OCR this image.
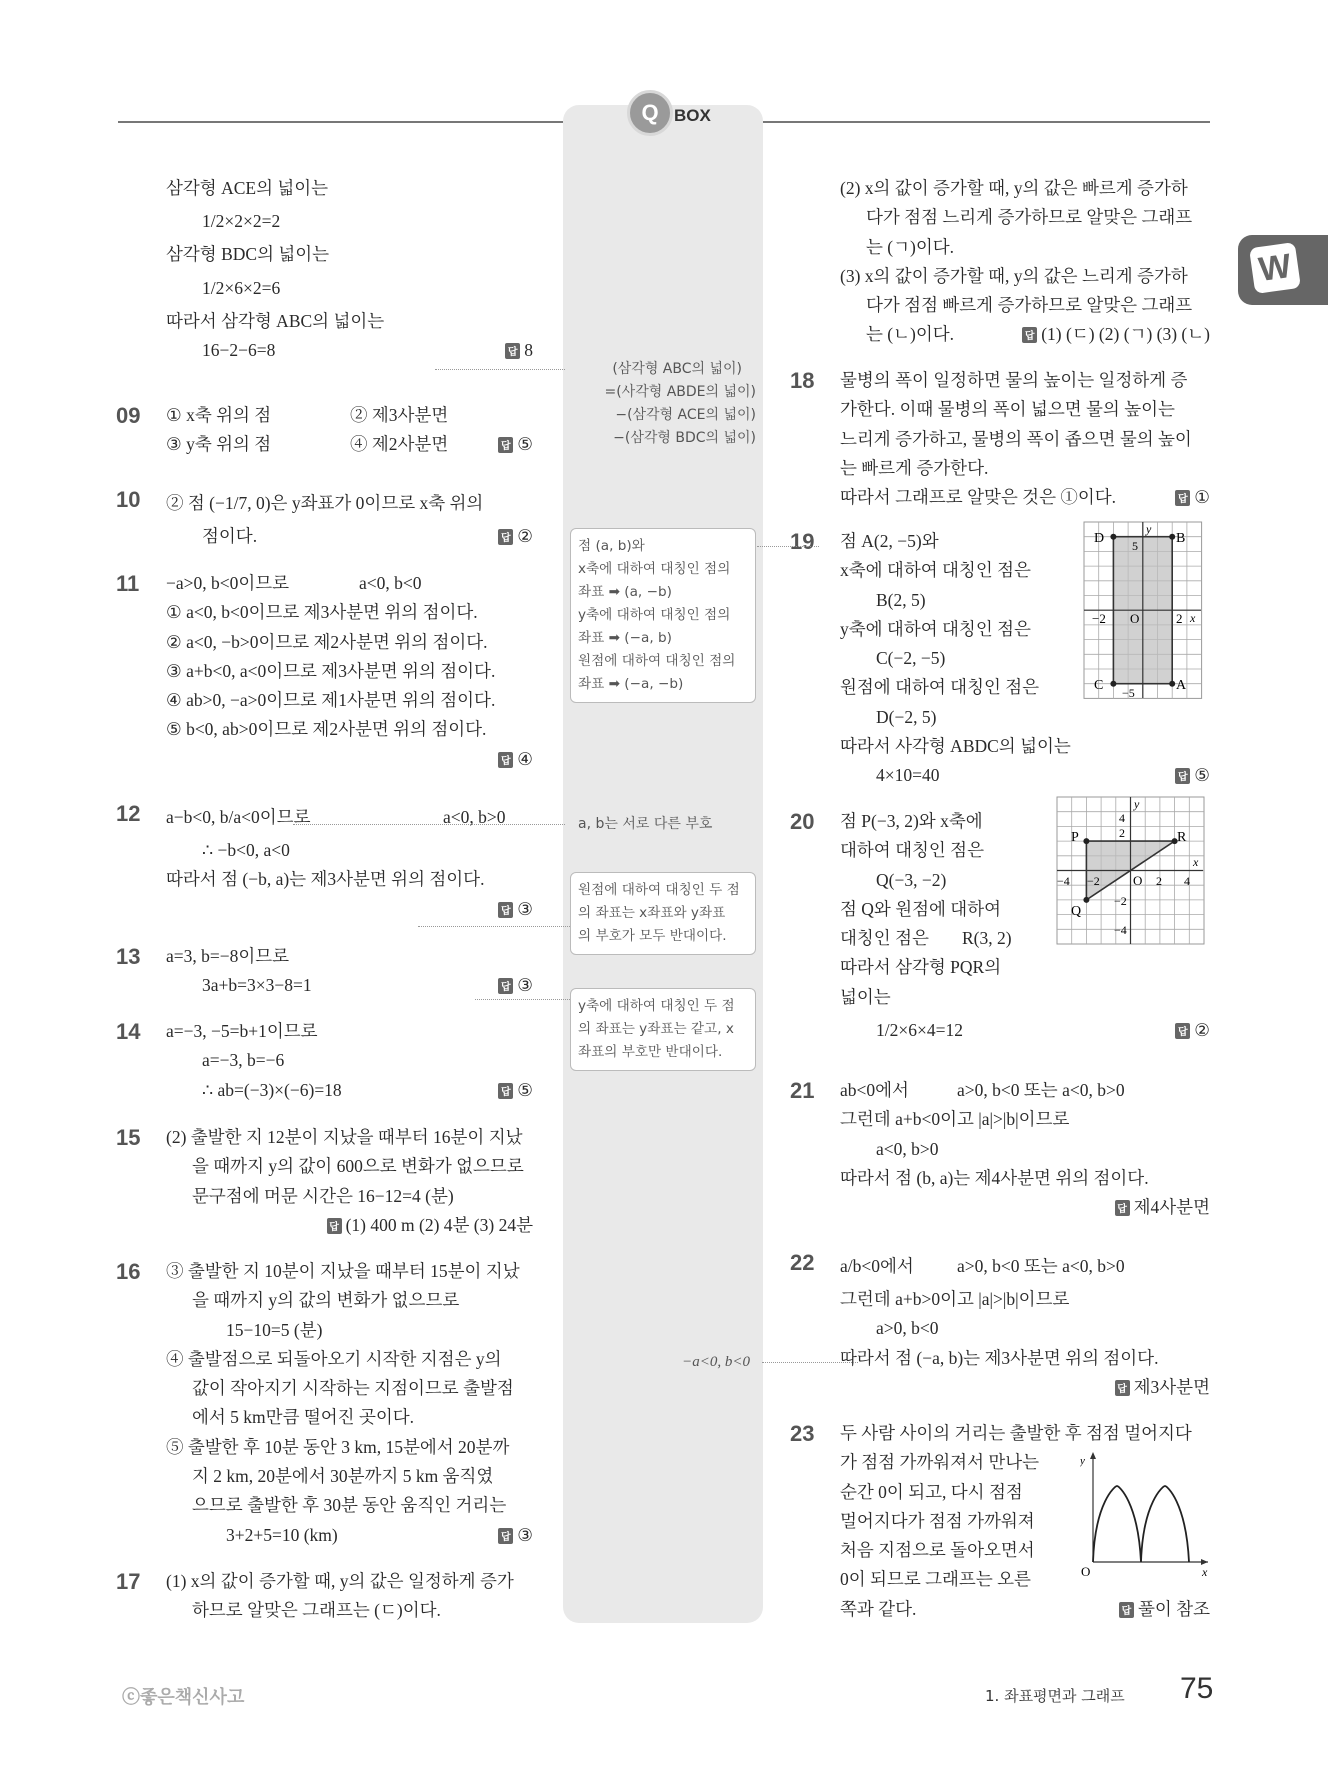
Q BOX
W
삼각형 ACE의 넓이는
1/2×2×2=2
삼각형 BDC의 넓이는
1/2×6×2=6
따라서 삼각형 ABC의 넓이는
16−2−6=8	답 8
09 ① x축 위의 점	② 제3사분면
③ y축 위의 점	④ 제2사분면	답 ⑤
10 ② 점 (−1/7, 0)은 y좌표가 0이므로 x축 위의
점이다.	답 ②
11 −a>0, b<0이므로	a<0, b<0
① a<0, b<0이므로 제3사분면 위의 점이다.
② a<0, −b>0이므로 제2사분면 위의 점이다.
③ a+b<0, a<0이므로 제3사분면 위의 점이다.
④ ab>0, −a>0이므로 제1사분면 위의 점이다.
⑤ b<0, ab>0이므로 제2사분면 위의 점이다.
답 ④
12 a−b<0, b/a<0이므로	a<0, b>0
∴ −b<0, a<0
따라서 점 (−b, a)는 제3사분면 위의 점이다.
답 ③
13 a=3, b=−8이므로
3a+b=3×3−8=1	답 ③
14 a=−3, −5=b+1이므로
a=−3, b=−6
∴ ab=(−3)×(−6)=18	답 ⑤
15 (2) 출발한 지 12분이 지났을 때부터 16분이 지났
을 때까지 y의 값이 600으로 변화가 없으므로
문구점에 머문 시간은 16−12=4 (분)
답 (1) 400 m (2) 4분 (3) 24분
16 ③ 출발한 지 10분이 지났을 때부터 15분이 지났
을 때까지 y의 값의 변화가 없으므로
15−10=5 (분)
④ 출발점으로 되돌아오기 시작한 지점은 y의
값이 작아지기 시작하는 지점이므로 출발점
에서 5 km만큼 떨어진 곳이다.
⑤ 출발한 후 10분 동안 3 km, 15분에서 20분까
지 2 km, 20분에서 30분까지 5 km 움직였
으므로 출발한 후 30분 동안 움직인 거리는
3+2+5=10 (km)	답 ③
17 (1) x의 값이 증가할 때, y의 값은 일정하게 증가
하므로 알맞은 그래프는 (ㄷ)이다.
(2) x의 값이 증가할 때, y의 값은 빠르게 증가하
다가 점점 느리게 증가하므로 알맞은 그래프
는 (ㄱ)이다.
(3) x의 값이 증가할 때, y의 값은 느리게 증가하
다가 점점 빠르게 증가하므로 알맞은 그래프
는 (ㄴ)이다.	답 (1) (ㄷ) (2) (ㄱ) (3) (ㄴ)
18 물병의 폭이 일정하면 물의 높이는 일정하게 증
가한다. 이때 물병의 폭이 넓으면 물의 높이는
느리게 증가하고, 물병의 폭이 좁으면 물의 높이
는 빠르게 증가한다.
따라서 그래프로 알맞은 것은 ①이다.	답 ①
19 점 A(2, −5)와
x축에 대하여 대칭인 점은
B(2, 5)
y축에 대하여 대칭인 점은
C(−2, −5)
원점에 대하여 대칭인 점은
D(−2, 5)
따라서 사각형 ABDC의 넓이는
4×10=40	답 ⑤
20 점 P(−3, 2)와 x축에
대하여 대칭인 점은
Q(−3, −2)
점 Q와 원점에 대하여
대칭인 점은 R(3, 2)
따라서 삼각형 PQR의
넓이는
1/2×6×4=12	답 ②
21 ab<0에서	a>0, b<0 또는 a<0, b>0
그런데 a+b<0이고 |a|>|b|이므로
a<0, b>0
따라서 점 (b, a)는 제4사분면 위의 점이다.
답 제4사분면
22 a/b<0에서 a>0, b<0 또는 a<0, b>0
그런데 a+b>0이고 |a|>|b|이므로
a>0, b<0
따라서 점 (−a, b)는 제3사분면 위의 점이다.
답 제3사분면
23 두 사람 사이의 거리는 출발한 후 점점 멀어지다
가 점점 가까워져서 만나는
순간 0이 되고, 다시 점점
멀어지다가 점점 가까워져
처음 지점으로 돌아오면서
0이 되므로 그래프는 오른
쪽과 같다.	답 풀이 참조
(삼각형 ABC의 넓이)
=(사각형 ABDE의 넓이)
−(삼각형 ACE의 넓이)
−(삼각형 BDC의 넓이)
점 (a, b)와
x축에 대하여 대칭인 점의
좌표 ➡ (a, −b)
y축에 대하여 대칭인 점의
좌표 ➡ (−a, b)
원점에 대하여 대칭인 점의
좌표 ➡ (−a, −b)
a, b는 서로 다른 부호
원점에 대하여 대칭인 두 점
의 좌표는 x좌표와 y좌표
의 부호가 모두 반대이다.
y축에 대하여 대칭인 두 점
의 좌표는 y좌표는 같고, x
좌표의 부호만 반대이다.
−a<0, b<0
D	B
C	A
y
x
O
5
−2	2
−5
P	R
Q
y
x
O
4
2
−4 −2	2 4
−2
−4
y
x
O
ⓒ좋은책신사고	1. 좌표평면과 그래프 75
